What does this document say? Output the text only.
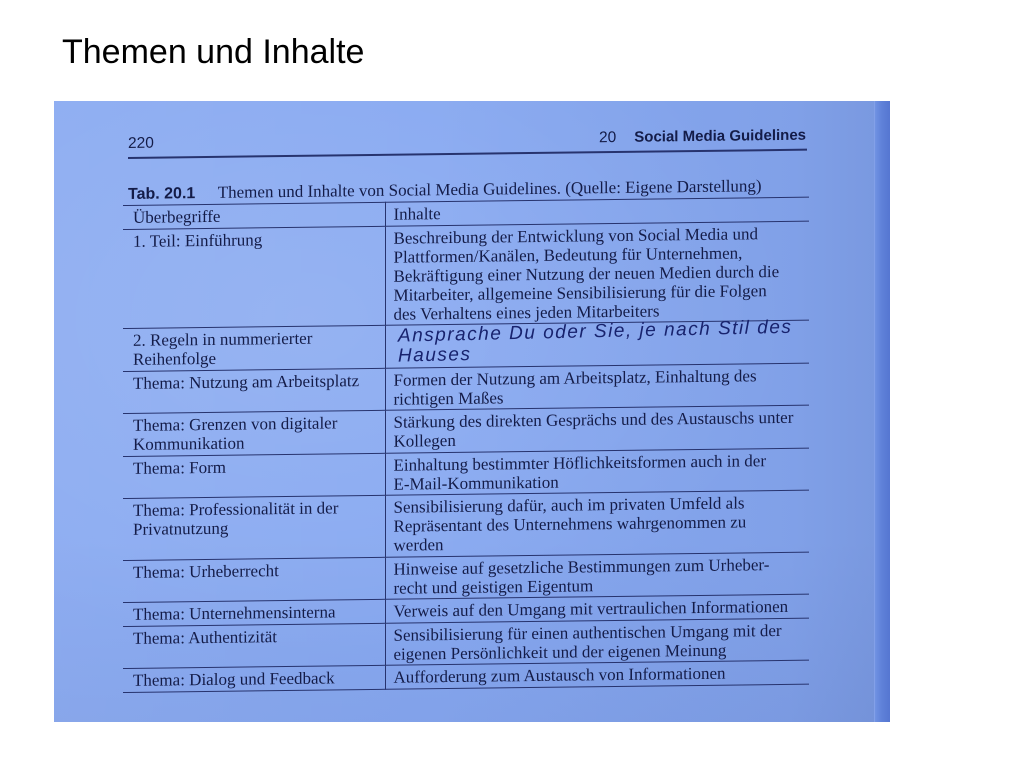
Themen und Inhalte
220	20 Social Media Guidelines
Tab. 20.1 Themen und Inhalte von Social Media Guidelines. (Quelle: Eigene Darstellung)
Überbegriffe	Inhalte

1. Teil: Einführung	Beschreibung der Entwicklung von Social Media und
Plattformen/Kanälen, Bedeutung für Unternehmen,
Bekräftigung einer Nutzung der neuen Medien durch die
Mitarbeiter, allgemeine Sensibilisierung für die Folgen
des Verhaltens eines jeden Mitarbeiters

2. Regeln in nummerierter
Reihenfolge	Ansprache Du oder Sie, je nach Stil des
Hauses

Thema: Nutzung am Arbeitsplatz	Formen der Nutzung am Arbeitsplatz, Einhaltung des
richtigen Maßes

Thema: Grenzen von digitaler
Kommunikation	Stärkung des direkten Gesprächs und des Austauschs unter
Kollegen

Thema: Form	Einhaltung bestimmter Höflichkeitsformen auch in der
E-Mail-Kommunikation

Thema: Professionalität in der
Privatnutzung	Sensibilisierung dafür, auch im privaten Umfeld als
Repräsentant des Unternehmens wahrgenommen zu
werden

Thema: Urheberrecht	Hinweise auf gesetzliche Bestimmungen zum Urheber-
recht und geistigen Eigentum

Thema: Unternehmensinterna	Verweis auf den Umgang mit vertraulichen Informationen

Thema: Authentizität	Sensibilisierung für einen authentischen Umgang mit der
eigenen Persönlichkeit und der eigenen Meinung

Thema: Dialog und Feedback	Aufforderung zum Austausch von Informationen
